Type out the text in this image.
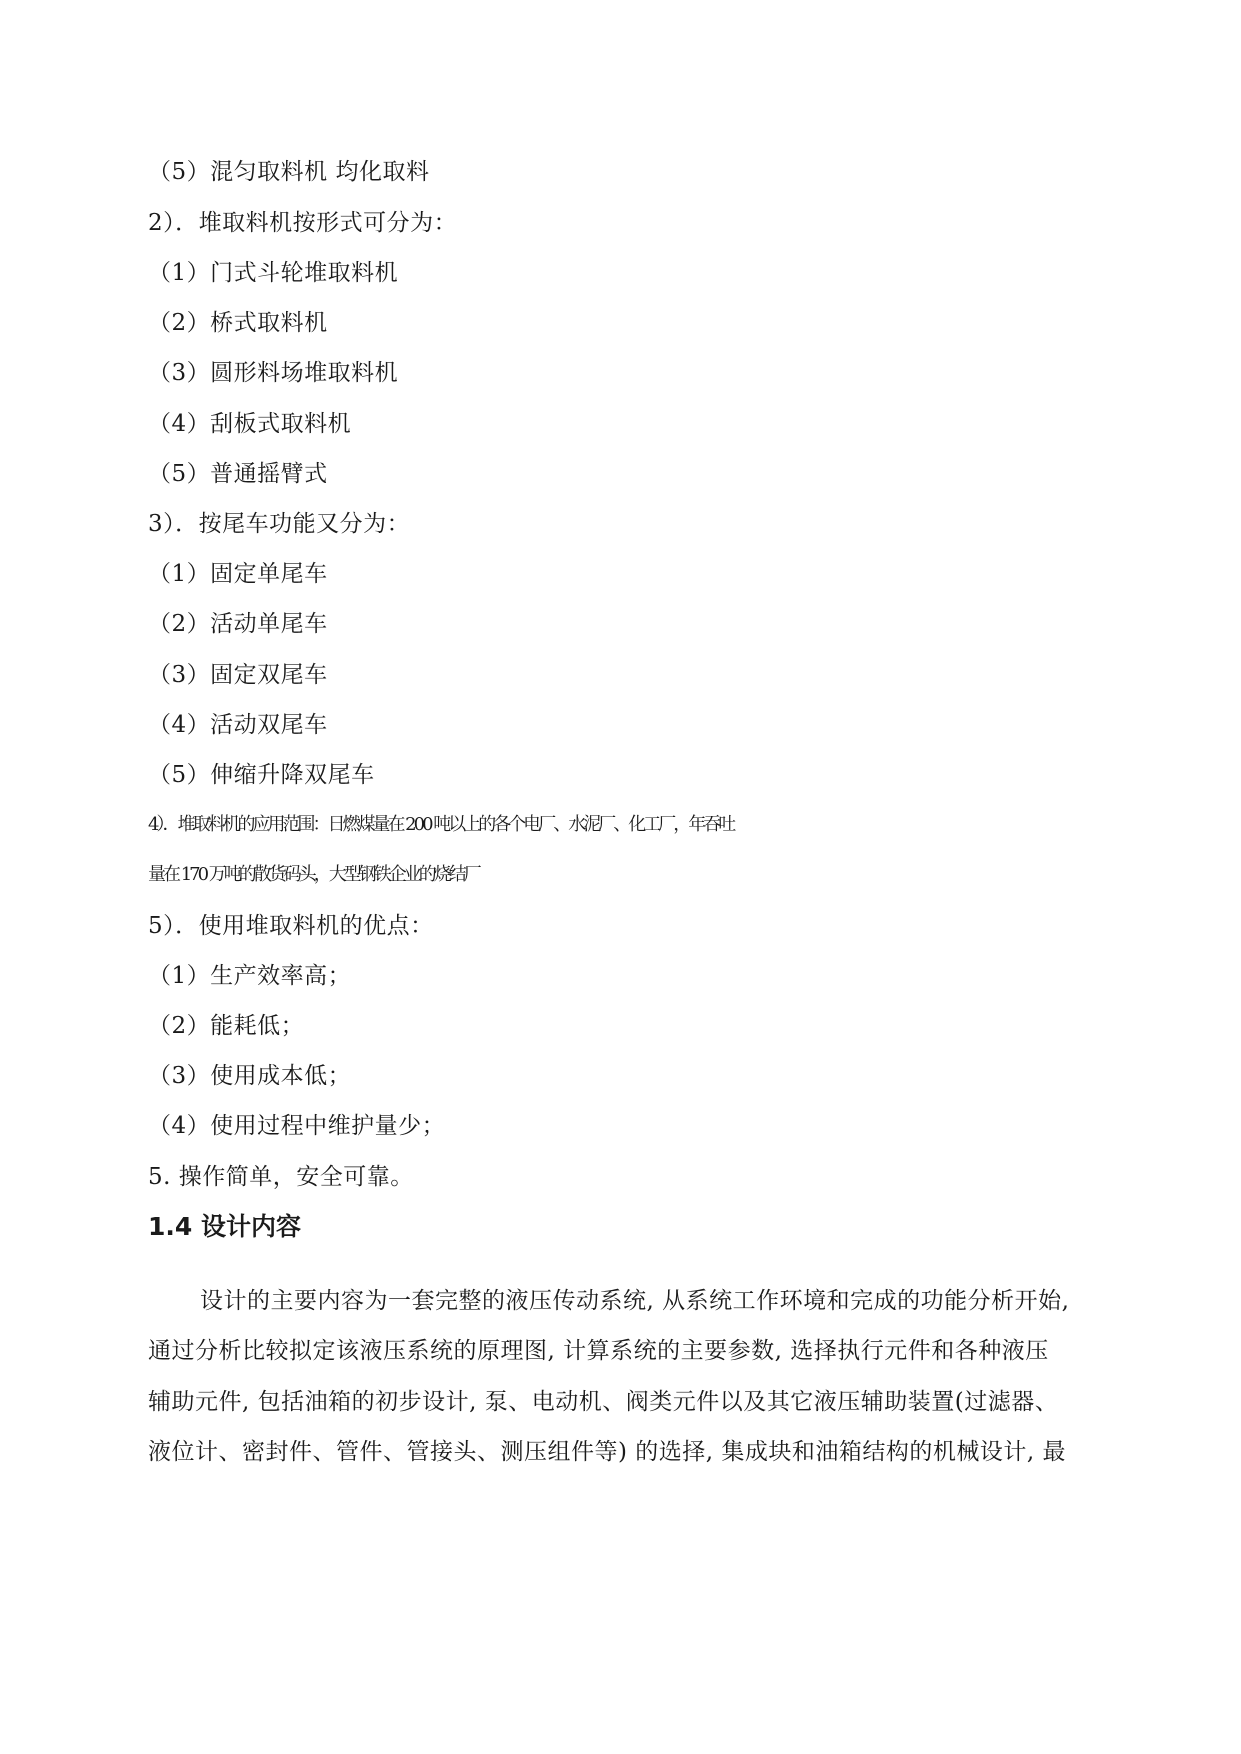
（5）混匀取料机 均化取料
2）．堆取料机按形式可分为：
（1）门式斗轮堆取料机
（2）桥式取料机
（3）圆形料场堆取料机
（4）刮板式取料机
（5）普通摇臂式
3）．按尾车功能又分为：
（1）固定单尾车
（2）活动单尾车
（3）固定双尾车
（4）活动双尾车
（5）伸缩升降双尾车
4）．堆取料机的应用范围：日燃煤量在 200 吨以上的各个电厂、水泥厂、化工厂，年吞吐
量在 170 万吨的散货码头，大型钢铁企业的烧结厂
5）．使用堆取料机的优点：
（1）生产效率高；
（2）能耗低；
（3）使用成本低；
（4）使用过程中维护量少；
5. 操作简单，安全可靠。
1.4 设计内容
设计的主要内容为一套完整的液压传动系统, 从系统工作环境和完成的功能分析开始,
通过分析比较拟定该液压系统的原理图, 计算系统的主要参数, 选择执行元件和各种液压
辅助元件, 包括油箱的初步设计, 泵、电动机、阀类元件以及其它液压辅助装置(过滤器、
液位计、密封件、管件、管接头、测压组件等) 的选择, 集成块和油箱结构的机械设计, 最
